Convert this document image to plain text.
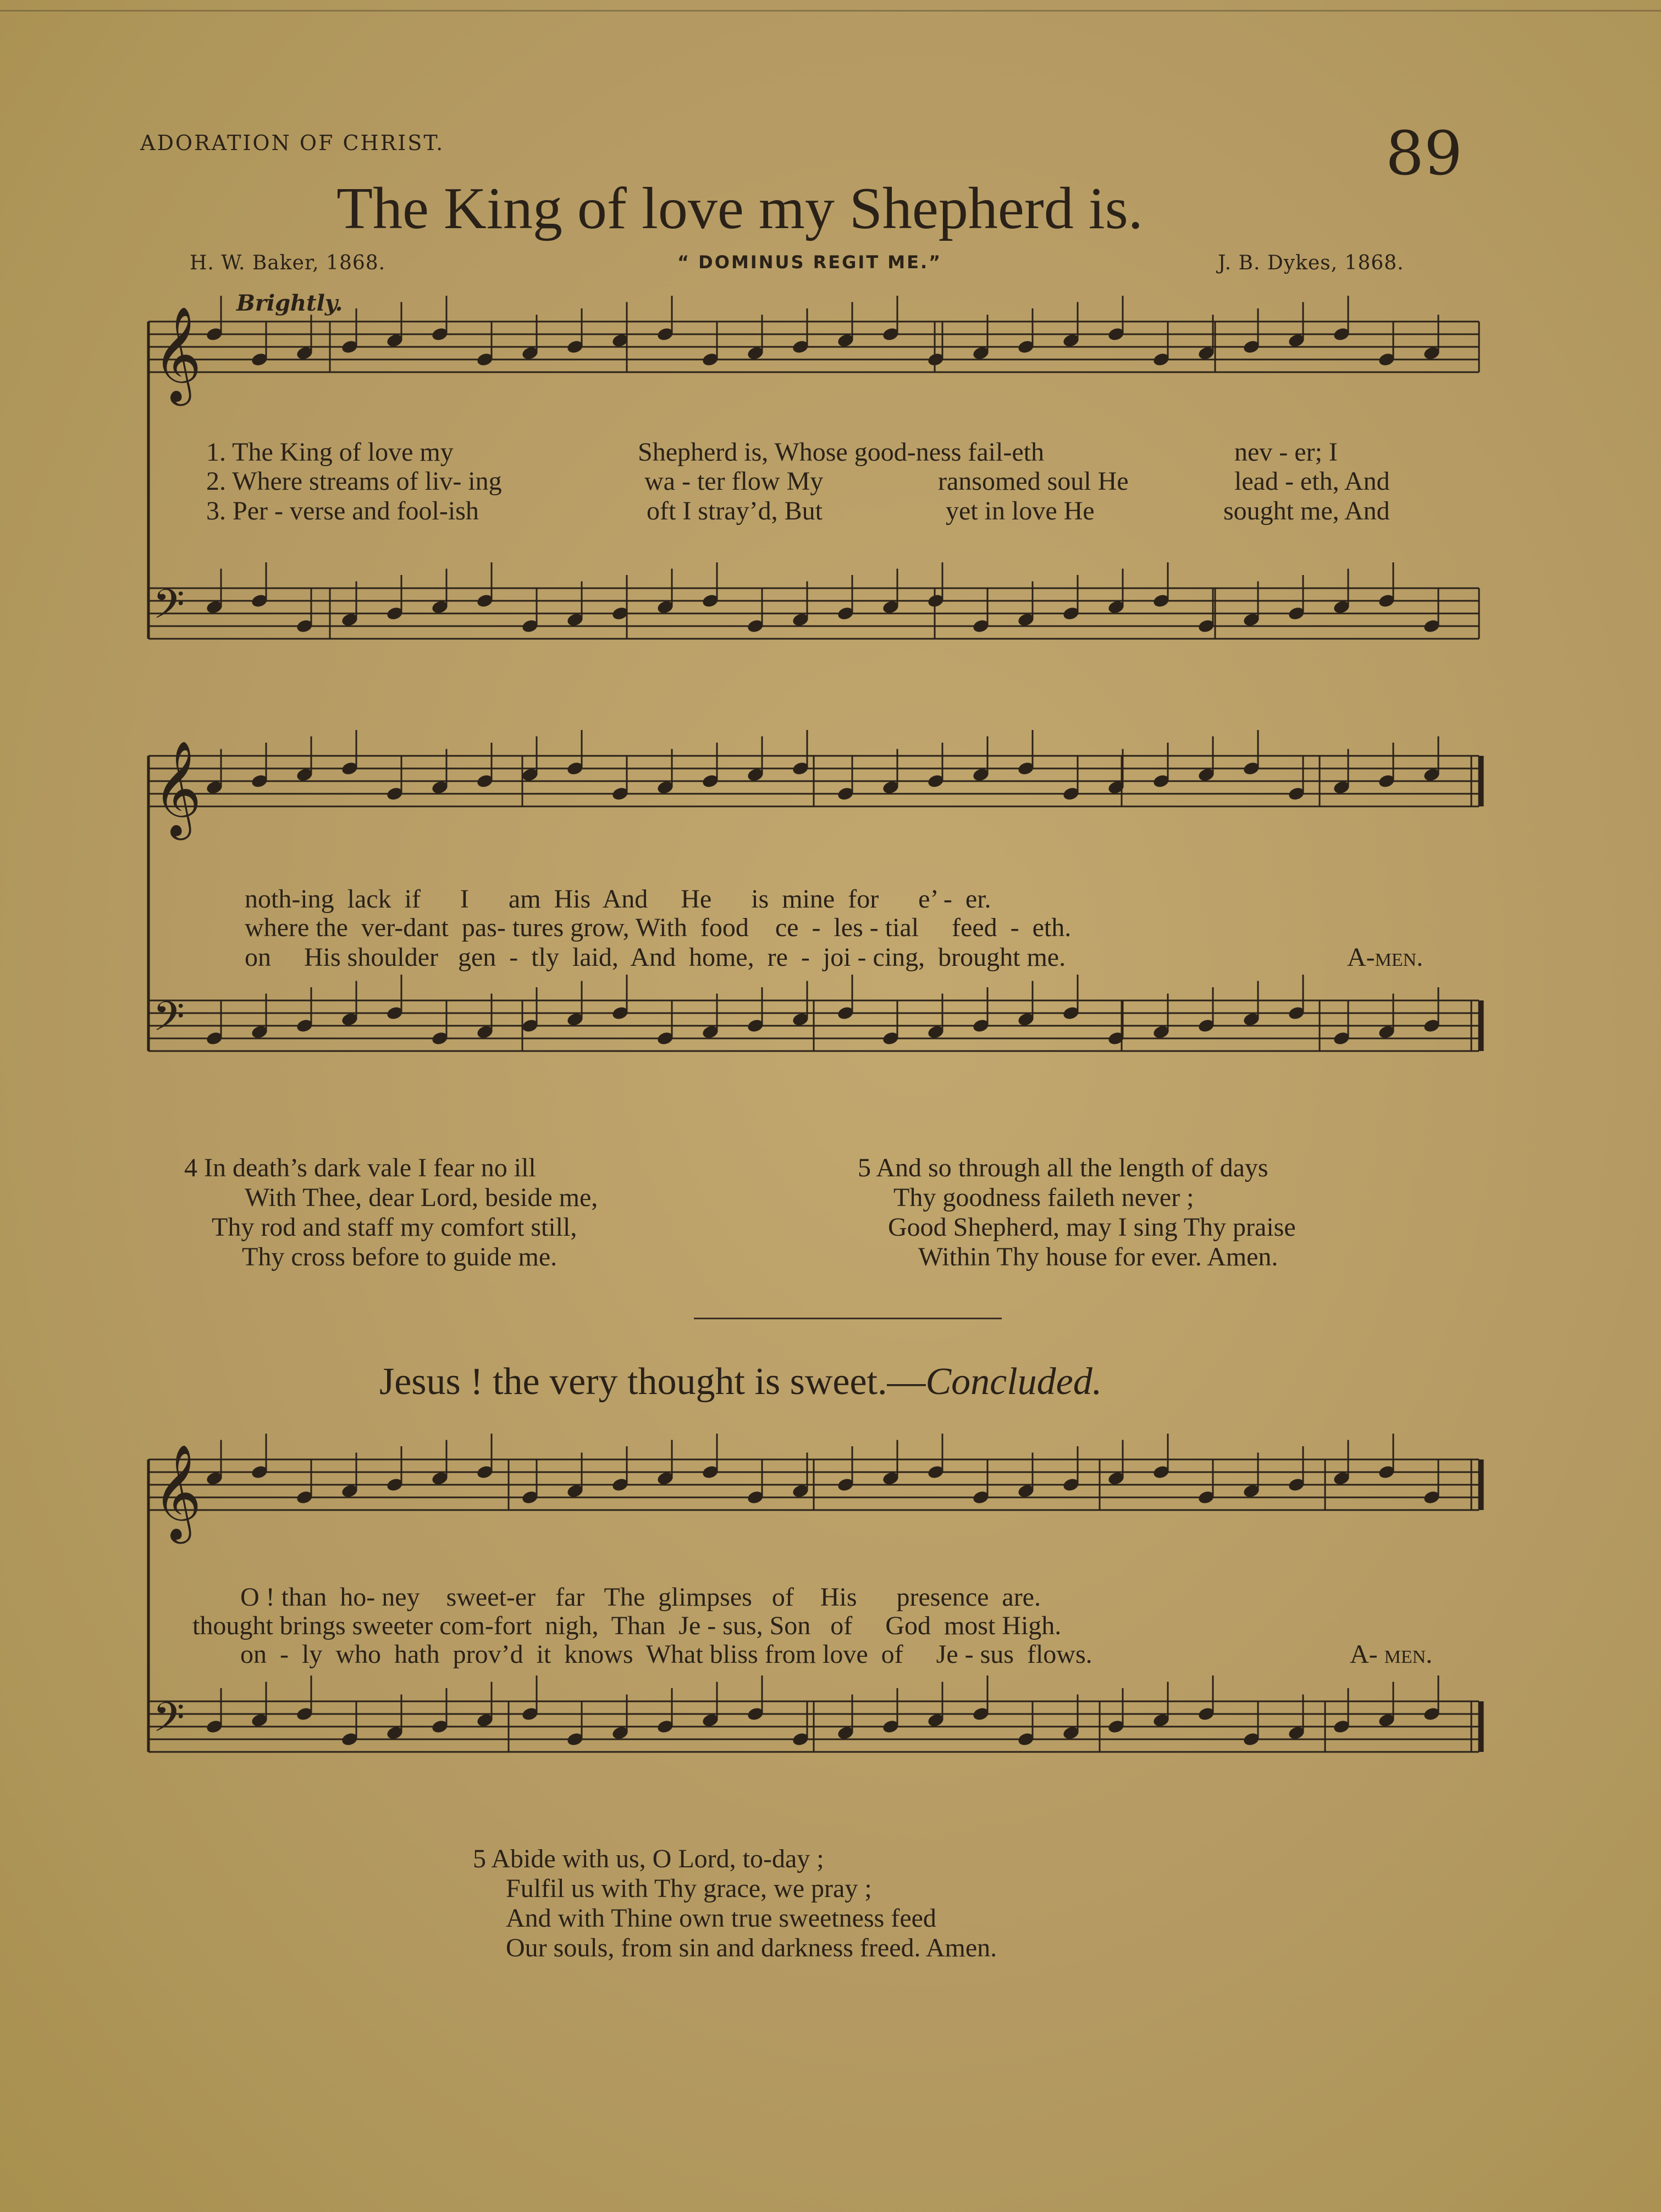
ADORATION OF CHRIST.	89
The King of love my Shepherd is.
H. W. Baker, 1868.	“ DOMINUS REGIT ME.”	J. B. Dykes, 1868.
Brightly.
𝄞
𝄢
𝄞
𝄢
𝄞
𝄢
1. The King of love my	Shepherd is, Whose good-ness fail-eth	nev - er; I
2. Where streams of liv- ing	wa - ter flow My	ransomed soul He	lead - eth, And
3. Per - verse and fool-ish	oft I stray’d, But	yet in love He	sought me, And
noth-ing  lack  if      I      am  His  And     He      is  mine  for      e’ -  er.
where the  ver-dant  pas- tures grow, With  food    ce  -  les - tial     feed  -  eth.
on     His shoulder   gen  -  tly  laid,  And  home,  re  -  joi - cing,  brought me.	A-men.
4 In death’s dark vale I fear no ill
With Thee, dear Lord, beside me,
Thy rod and staff my comfort still,
Thy cross before to guide me.
5 And so through all the length of days
Thy goodness faileth never ;
Good Shepherd, may I sing Thy praise
Within Thy house for ever. Amen.
Jesus ! the very thought is sweet.—Concluded.
O ! than  ho- ney    sweet-er   far   The  glimpses   of    His      presence  are.
thought brings sweeter com-fort  nigh,  Than  Je - sus, Son   of     God  most High.
on  -  ly  who  hath  prov’d  it  knows  What bliss from love  of     Je - sus  flows.	A- men.
5 Abide with us, O Lord, to-day ;
Fulfil us with Thy grace, we pray ;
And with Thine own true sweetness feed
Our souls, from sin and darkness freed. Amen.
